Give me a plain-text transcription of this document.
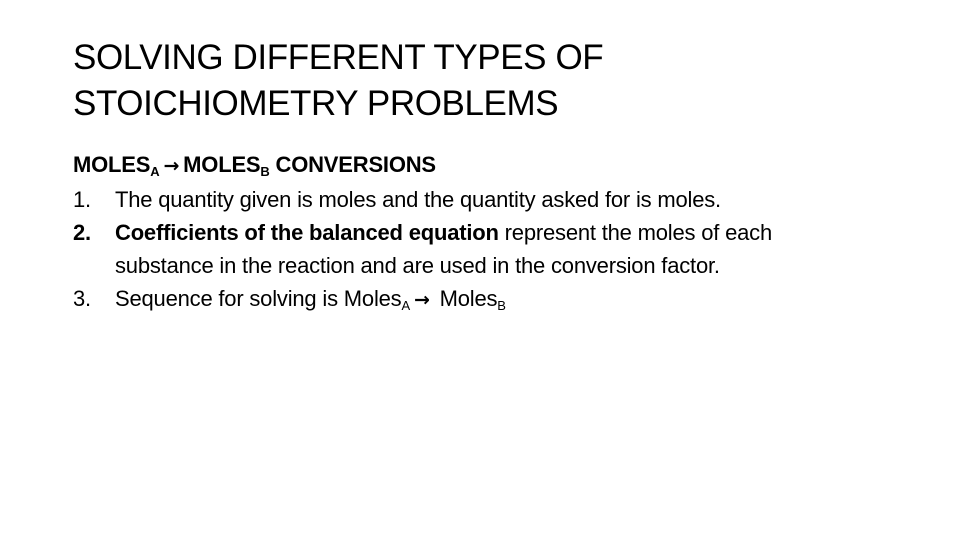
SOLVING DIFFERENT TYPES OF
STOICHIOMETRY PROBLEMS
$MOLES_A$ → $MOLES_B$ CONVERSIONS
1.	The quantity given is moles and the quantity asked for is moles.
2.	Coefficients of the balanced equation represent the moles of each
substance in the reaction and are used in the conversion factor.
3.	Sequence for solving is Moles$_A$ → Moles$_B$
